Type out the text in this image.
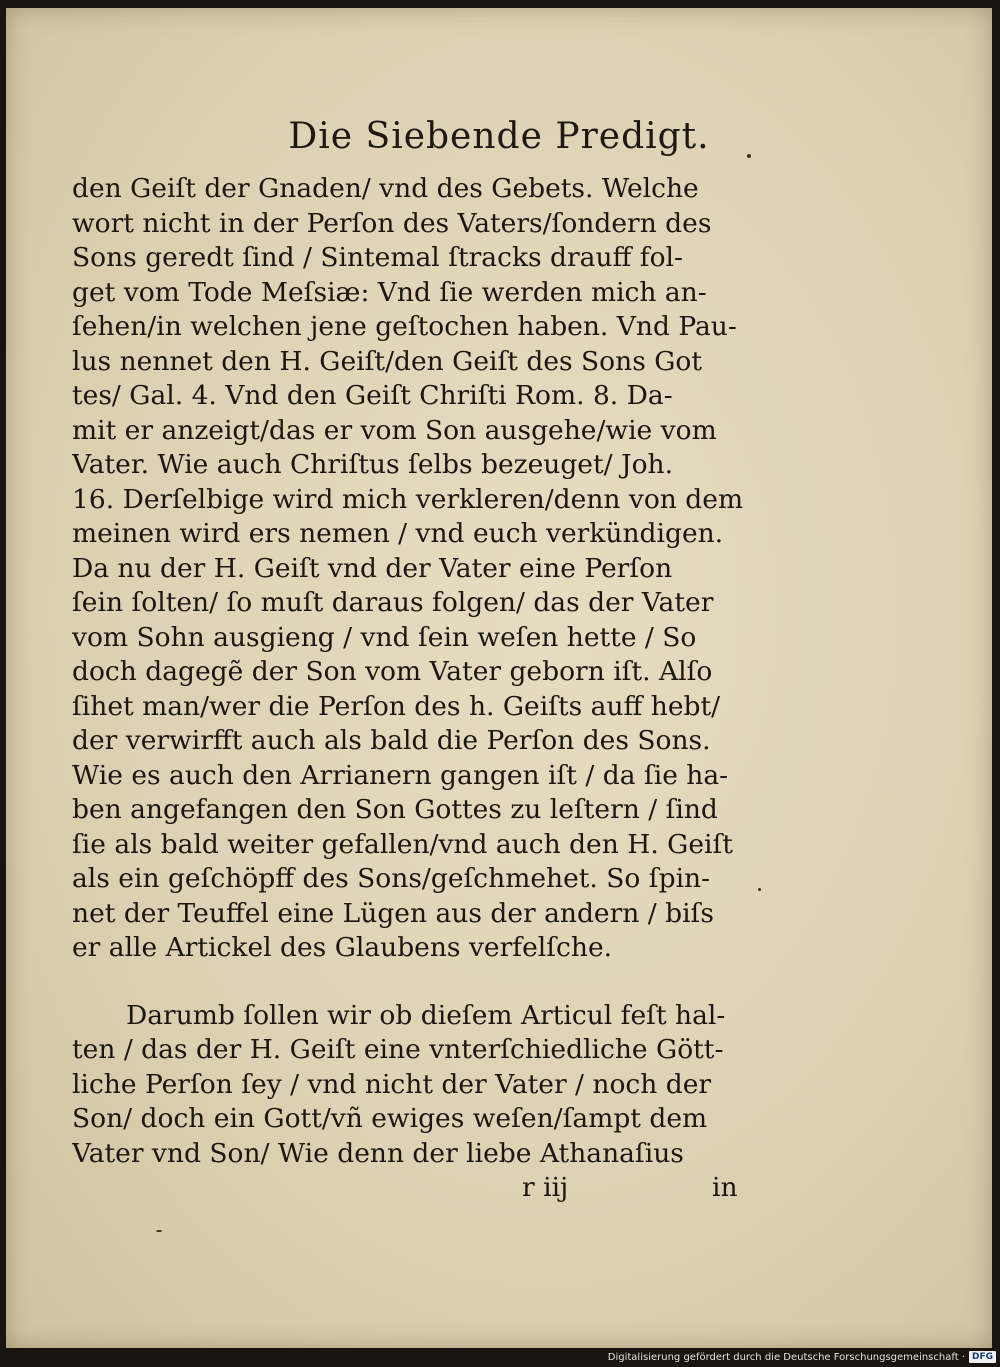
Die Siebende Predigt.
den Geiſt der Gnaden/ vnd des Gebets. Welche
wort nicht in der Perſon des Vaters/ſondern des
Sons geredt ſind / Sintemal ſtracks drauff fol-
get vom Tode Meſsiæ: Vnd ſie werden mich an-
ſehen/in welchen jene geſtochen haben. Vnd Pau-
lus nennet den H. Geiſt/den Geiſt des Sons Got
tes/ Gal. 4. Vnd den Geiſt Chriſti Rom. 8. Da-
mit er anzeigt/das er vom Son ausgehe/wie vom
Vater. Wie auch Chriſtus ſelbs bezeuget/ Joh.
16. Derſelbige wird mich verkleren/denn von dem
meinen wird ers nemen / vnd euch verkündigen.
Da nu der H. Geiſt vnd der Vater eine Perſon
ſein ſolten/ ſo muſt daraus folgen/ das der Vater
vom Sohn ausgieng / vnd ſein weſen hette / So
doch dagegẽ der Son vom Vater geborn iſt. Alſo
ſihet man/wer die Perſon des h. Geiſts auff hebt/
der verwirfft auch als bald die Perſon des Sons.
Wie es auch den Arrianern gangen iſt / da ſie ha-
ben angefangen den Son Gottes zu leſtern / ſind
ſie als bald weiter gefallen/vnd auch den H. Geiſt
als ein geſchöpff des Sons/geſchmehet. So ſpin-
net der Teuffel eine Lügen aus der andern / biſs
er alle Artickel des Glaubens verfelſche.
Darumb ſollen wir ob dieſem Articul feſt hal-
ten / das der H. Geiſt eine vnterſchiedliche Gött-
liche Perſon ſey / vnd nicht der Vater / noch der
Son/ doch ein Gott/vñ ewiges weſen/ſampt dem
Vater vnd Son/ Wie denn der liebe Athanaſius
r iij	in
Digitalisierung gefördert durch die Deutsche Forschungsgemeinschaft · DFG
